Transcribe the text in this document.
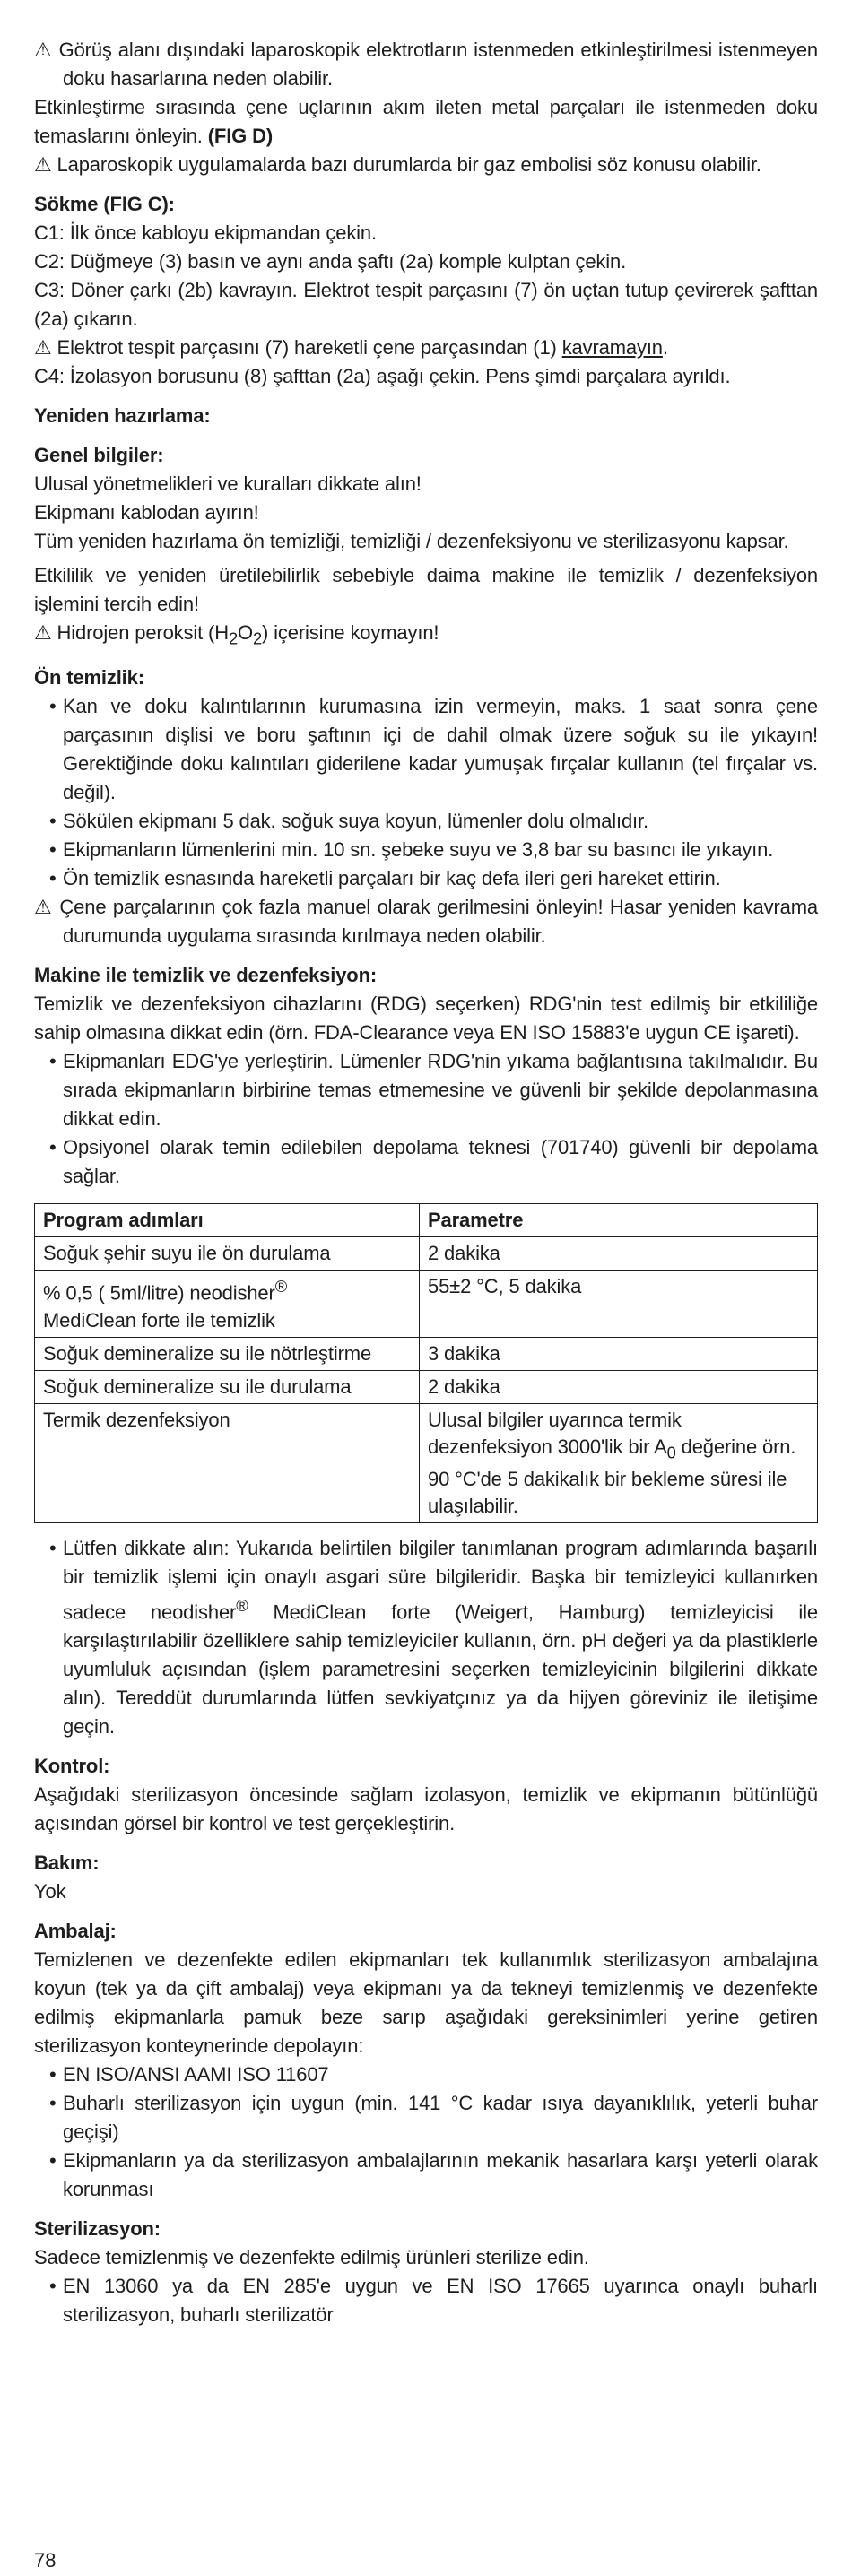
⚠ Görüş alanı dışındaki laparoskopik elektrotların istenmeden etkinleştirilmesi istenmeyen doku hasarlarına neden olabilir.

Etkinleştirme sırasında çene uçlarının akım ileten metal parçaları ile istenmeden doku temaslarını önleyin. (FIG D)

⚠ Laparoskopik uygulamalarda bazı durumlarda bir gaz embolisi söz konusu olabilir.

Sökme (FIG C):

C1: İlk önce kabloyu ekipmandan çekin.

C2: Düğmeye (3) basın ve aynı anda şaftı (2a) komple kulptan çekin.

C3: Döner çarkı (2b) kavrayın. Elektrot tespit parçasını (7) ön uçtan tutup çevirerek şafttan (2a) çıkarın.

⚠ Elektrot tespit parçasını (7) hareketli çene parçasından (1) kavramayın.

C4: İzolasyon borusunu (8) şafttan (2a) aşağı çekin. Pens şimdi parçalara ayrıldı.

Yeniden hazırlama:

Genel bilgiler:

Ulusal yönetmelikleri ve kuralları dikkate alın!

Ekipmanı kablodan ayırın!

Tüm yeniden hazırlama ön temizliği, temizliği / dezenfeksiyonu ve sterilizasyonu kapsar.

Etkililik ve yeniden üretilebilirlik sebebiyle daima makine ile temizlik / dezenfeksiyon işlemini tercih edin!

⚠ Hidrojen peroksit $(H_2O_2)$ içerisine koymayın!

Ön temizlik:

• Kan ve doku kalıntılarının kurumasına izin vermeyin, maks. 1 saat sonra çene parçasının dişlisi ve boru şaftının içi de dahil olmak üzere soğuk su ile yıkayın! Gerektiğinde doku kalıntıları giderilene kadar yumuşak fırçalar kullanın (tel fırçalar vs. değil).

• Sökülen ekipmanı 5 dak. soğuk suya koyun, lümenler dolu olmalıdır.

• Ekipmanların lümenlerini min. 10 sn. şebeke suyu ve 3,8 bar su basıncı ile yıkayın.

• Ön temizlik esnasında hareketli parçaları bir kaç defa ileri geri hareket ettirin.

⚠ Çene parçalarının çok fazla manuel olarak gerilmesini önleyin! Hasar yeniden kavrama durumunda uygulama sırasında kırılmaya neden olabilir.

Makine ile temizlik ve dezenfeksiyon:

Temizlik ve dezenfeksiyon cihazlarını (RDG) seçerken) RDG'nin test edilmiş bir etkililiğe sahip olmasına dikkat edin (örn. FDA-Clearance veya EN ISO 15883'e uygun CE işareti).

• Ekipmanları EDG'ye yerleştirin. Lümenler RDG'nin yıkama bağlantısına takılmalıdır. Bu sırada ekipmanların birbirine temas etmemesine ve güvenli bir şekilde depolanmasına dikkat edin.

• Opsiyonel olarak temin edilebilen depolama teknesi (701740) güvenli bir depolama sağlar.

Program adımları	Parametre
Soğuk şehir suyu ile ön durulama	2 dakika
% 0,5 ( 5ml/litre) neodisher®
MediClean forte ile temizlik	55±2 °C, 5 dakika
Soğuk demineralize su ile nötrleştirme	3 dakika
Soğuk demineralize su ile durulama	2 dakika
Termik dezenfeksiyon	Ulusal bilgiler uyarınca termik dezenfeksiyon 3000'lik bir $A_0$ değerine örn. 90 °C'de 5 dakikalık bir bekleme süresi ile ulaşılabilir.

• Lütfen dikkate alın: Yukarıda belirtilen bilgiler tanımlanan program adımlarında başarılı bir temizlik işlemi için onaylı asgari süre bilgileridir. Başka bir temizleyici kullanırken sadece neodisher® MediClean forte (Weigert, Hamburg) temizleyicisi ile karşılaştırılabilir özelliklere sahip temizleyiciler kullanın, örn. pH değeri ya da plastiklerle uyumluluk açısından (işlem parametresini seçerken temizleyicinin bilgilerini dikkate alın). Tereddüt durumlarında lütfen sevkiyatçınız ya da hijyen göreviniz ile iletişime geçin.

Kontrol:

Aşağıdaki sterilizasyon öncesinde sağlam izolasyon, temizlik ve ekipmanın bütünlüğü açısından görsel bir kontrol ve test gerçekleştirin.

Bakım:

Yok

Ambalaj:

Temizlenen ve dezenfekte edilen ekipmanları tek kullanımlık sterilizasyon ambalajına koyun (tek ya da çift ambalaj) veya ekipmanı ya da tekneyi temizlenmiş ve dezenfekte edilmiş ekipmanlarla pamuk beze sarıp aşağıdaki gereksinimleri yerine getiren sterilizasyon konteynerinde depolayın:

• EN ISO/ANSI AAMI ISO 11607

• Buharlı sterilizasyon için uygun (min. 141 °C kadar ısıya dayanıklılık, yeterli buhar geçişi)

• Ekipmanların ya da sterilizasyon ambalajlarının mekanik hasarlara karşı yeterli olarak korunması

Sterilizasyon:

Sadece temizlenmiş ve dezenfekte edilmiş ürünleri sterilize edin.

• EN 13060 ya da EN 285'e uygun ve EN ISO 17665 uyarınca onaylı buharlı sterilizasyon, buharlı sterilizatör

78
